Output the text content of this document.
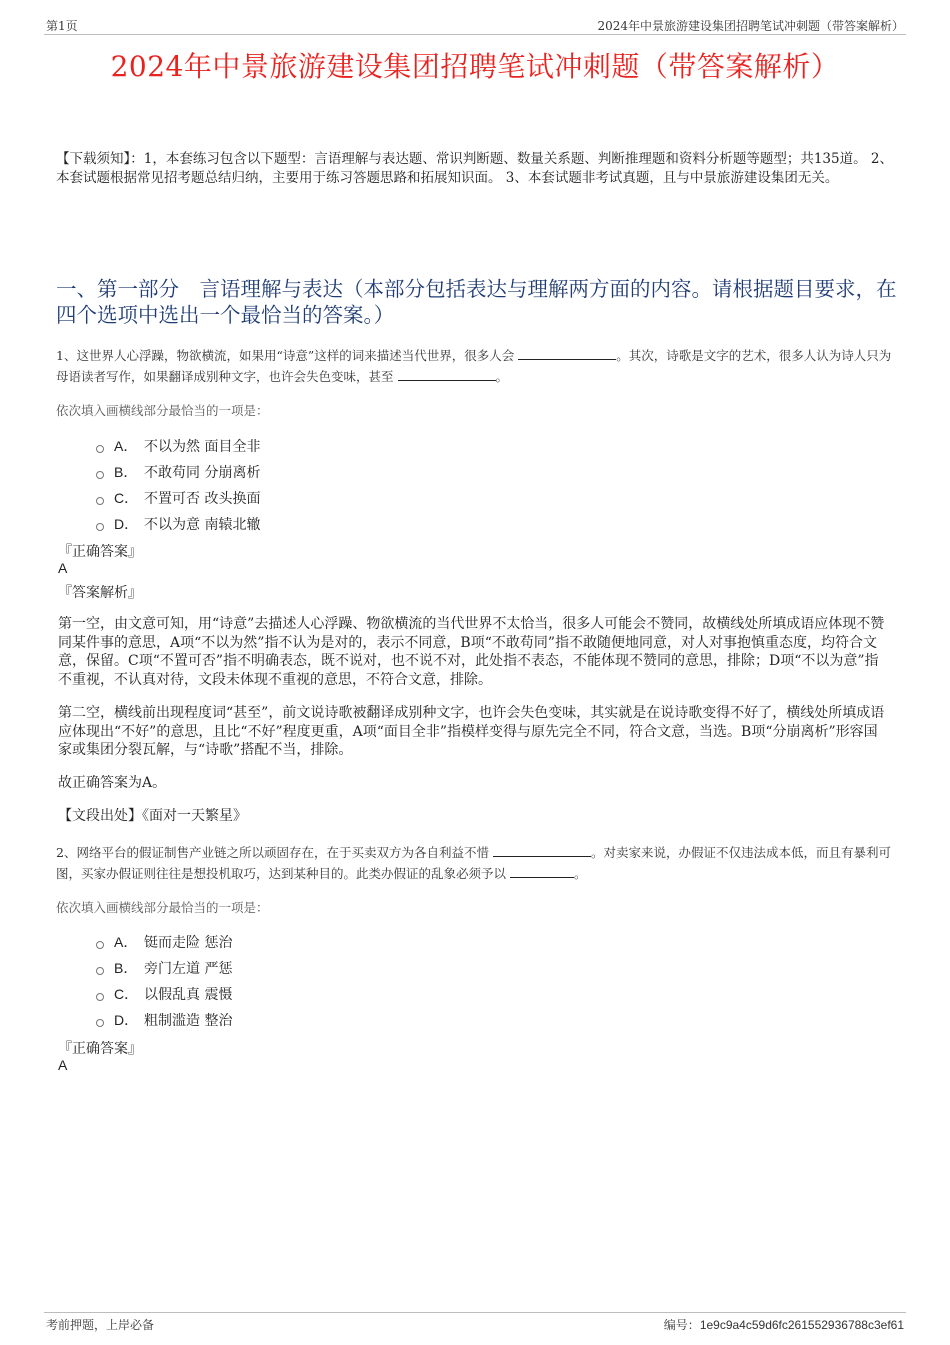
第1页	2024年中景旅游建设集团招聘笔试冲刺题（带答案解析）
2024年中景旅游建设集团招聘笔试冲刺题（带答案解析）
【下载须知】：1，本套练习包含以下题型：言语理解与表达题、常识判断题、数量关系题、判断推理题和资料分析题等题型；共135道。 2、本套试题根据常见招考题总结归纳，主要用于练习答题思路和拓展知识面。 3、本套试题非考试真题，且与中景旅游建设集团无关。
一、第一部分　言语理解与表达（本部分包括表达与理解两方面的内容。请根据题目要求，在四个选项中选出一个最恰当的答案。）
1、这世界人心浮躁，物欲横流，如果用“诗意”这样的词来描述当代世界，很多人会	。其次，诗歌是文字的艺术，很多人认为诗人只为母语读者写作，如果翻译成别种文字，也许会失色变味，甚至	。
依次填入画横线部分最恰当的一项是：
A． 不以为然 面目全非
B． 不敢苟同 分崩离析
C． 不置可否 改头换面
D． 不以为意 南辕北辙
『正确答案』
A
『答案解析』
第一空，由文意可知，用“诗意”去描述人心浮躁、物欲横流的当代世界不太恰当，很多人可能会不赞同，故横线处所填成语应体现不赞同某件事的意思，A项“不以为然”指不认为是对的，表示不同意，B项“不敢苟同”指不敢随便地同意，对人对事抱慎重态度，均符合文意，保留。C项“不置可否”指不明确表态，既不说对，也不说不对，此处指不表态，不能体现不赞同的意思，排除；D项“不以为意”指不重视，不认真对待，文段未体现不重视的意思，不符合文意，排除。
第二空，横线前出现程度词“甚至”，前文说诗歌被翻译成别种文字，也许会失色变味，其实就是在说诗歌变得不好了，横线处所填成语应体现出“不好”的意思，且比“不好”程度更重，A项“面目全非”指模样变得与原先完全不同，符合文意，当选。B项“分崩离析”形容国家或集团分裂瓦解，与“诗歌”搭配不当，排除。
故正确答案为A。
【文段出处】《面对一天繁星》
2、网络平台的假证制售产业链之所以顽固存在，在于买卖双方为各自利益不惜	。对卖家来说，办假证不仅违法成本低，而且有暴利可图，买家办假证则往往是想投机取巧，达到某种目的。此类办假证的乱象必须予以	。
依次填入画横线部分最恰当的一项是：
A． 铤而走险 惩治
B． 旁门左道 严惩
C． 以假乱真 震慑
D． 粗制滥造 整治
『正确答案』
A
考前押题，上岸必备	编号：1e9c9a4c59d6fc261552936788c3ef61
